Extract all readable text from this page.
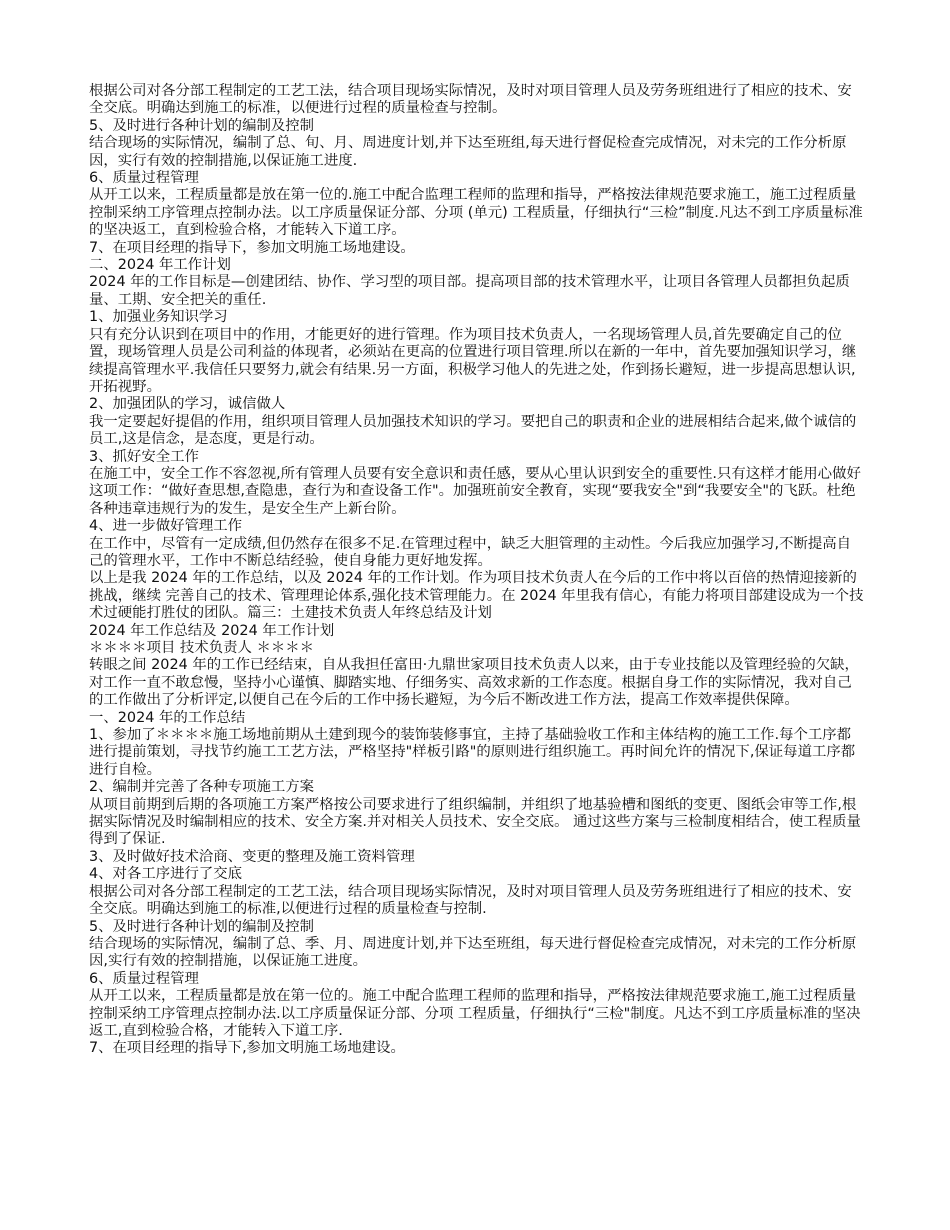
根据公司对各分部工程制定的工艺工法，结合项目现场实际情况，及时对项目管理人员及劳务班组进行了相应的技术、安全交底。明确达到施工的标准，以便进行过程的质量检查与控制。

5、及时进行各种计划的编制及控制

结合现场的实际情况，编制了总、旬、月、周进度计划,并下达至班组,每天进行督促检查完成情况，对未完的工作分析原因，实行有效的控制措施,以保证施工进度.

6、质量过程管理

从开工以来，工程质量都是放在第一位的.施工中配合监理工程师的监理和指导，严格按法律规范要求施工，施工过程质量控制采纳工序管理点控制办法。以工序质量保证分部、分项 (单元) 工程质量，仔细执行“三检”制度.凡达不到工序质量标准的坚决返工，直到检验合格，才能转入下道工序。

7、在项目经理的指导下，参加文明施工场地建设。

二、2024 年工作计划

2024 年的工作目标是—创建团结、协作、学习型的项目部。提高项目部的技术管理水平，让项目各管理人员都担负起质量、工期、安全把关的重任.

1、加强业务知识学习

只有充分认识到在项目中的作用，才能更好的进行管理。作为项目技术负责人，一名现场管理人员,首先要确定自己的位置，现场管理人员是公司利益的体现者，必须站在更高的位置进行项目管理.所以在新的一年中，首先要加强知识学习，继续提高管理水平.我信任只要努力,就会有结果.另一方面，积极学习他人的先进之处，作到扬长避短，进一步提高思想认识,开拓视野。

2、加强团队的学习，诚信做人

我一定要起好提倡的作用，组织项目管理人员加强技术知识的学习。要把自己的职责和企业的进展相结合起来,做个诚信的员工,这是信念，是态度，更是行动。

3、抓好安全工作

在施工中，安全工作不容忽视,所有管理人员要有安全意识和责任感，要从心里认识到安全的重要性.只有这样才能用心做好这项工作：“做好查思想,查隐患，查行为和查设备工作"。加强班前安全教育，实现“要我安全"到“我要安全"的飞跃。杜绝各种违章违规行为的发生，是安全生产上新台阶。

4、进一步做好管理工作

在工作中，尽管有一定成绩,但仍然存在很多不足.在管理过程中，缺乏大胆管理的主动性。今后我应加强学习,不断提高自己的管理水平，工作中不断总结经验，使自身能力更好地发挥。

以上是我 2024 年的工作总结，以及 2024 年的工作计划。作为项目技术负责人在今后的工作中将以百倍的热情迎接新的挑战，继续 完善自己的技术、管理理论体系,强化技术管理能力。在 2024 年里我有信心，有能力将项目部建设成为一个技术过硬能打胜仗的团队。篇三：土建技术负责人年终总结及计划

2024 年工作总结及 2024 年工作计划

＊＊＊＊项目 技术负责人 ＊＊＊＊

转眼之间 2024 年的工作已经结束，自从我担任富田·九鼎世家项目技术负责人以来，由于专业技能以及管理经验的欠缺，对工作一直不敢怠慢，坚持小心谨慎、脚踏实地、仔细务实、高效求新的工作态度。根据自身工作的实际情况，我对自己的工作做出了分析评定,以便自己在今后的工作中扬长避短，为今后不断改进工作方法，提高工作效率提供保障。

一、2024 年的工作总结

1、参加了＊＊＊＊施工场地前期从土建到现今的装饰装修事宜，主持了基础验收工作和主体结构的施工工作.每个工序都进行提前策划，寻找节约施工工艺方法，严格坚持"样板引路"的原则进行组织施工。再时间允许的情况下,保证每道工序都进行自检。

2、编制并完善了各种专项施工方案

从项目前期到后期的各项施工方案严格按公司要求进行了组织编制，并组织了地基验槽和图纸的变更、图纸会审等工作,根据实际情况及时编制相应的技术、安全方案.并对相关人员技术、安全交底。 通过这些方案与三检制度相结合，使工程质量得到了保证.

3、及时做好技术洽商、变更的整理及施工资料管理

4、对各工序进行了交底

根据公司对各分部工程制定的工艺工法，结合项目现场实际情况，及时对项目管理人员及劳务班组进行了相应的技术、安全交底。明确达到施工的标准,以便进行过程的质量检查与控制.

5、及时进行各种计划的编制及控制

结合现场的实际情况，编制了总、季、月、周进度计划,并下达至班组，每天进行督促检查完成情况，对未完的工作分析原因,实行有效的控制措施，以保证施工进度。

6、质量过程管理

从开工以来，工程质量都是放在第一位的。施工中配合监理工程师的监理和指导，严格按法律规范要求施工,施工过程质量控制采纳工序管理点控制办法.以工序质量保证分部、分项 工程质量，仔细执行“三检"制度。凡达不到工序质量标准的坚决返工,直到检验合格，才能转入下道工序.

7、在项目经理的指导下,参加文明施工场地建设。
